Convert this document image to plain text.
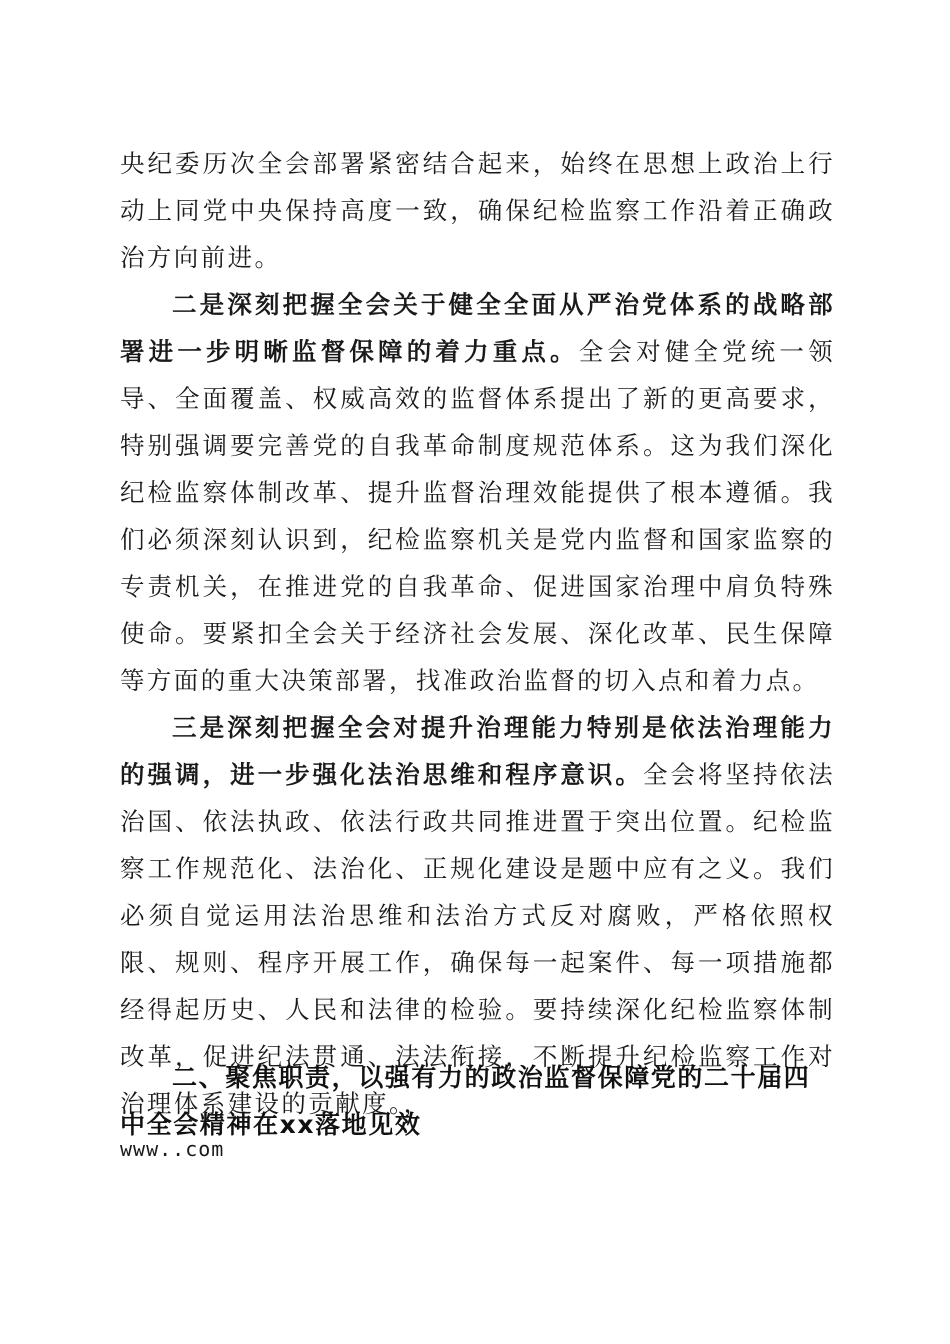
央纪委历次全会部署紧密结合起来，始终在思想上政治上行动上同党中央保持高度一致，确保纪检监察工作沿着正确政治方向前进。

二是深刻把握全会关于健全全面从严治党体系的战略部署进一步明晰监督保障的着力重点。全会对健全党统一领导、全面覆盖、权威高效的监督体系提出了新的更高要求，特别强调要完善党的自我革命制度规范体系。这为我们深化纪检监察体制改革、提升监督治理效能提供了根本遵循。我们必须深刻认识到，纪检监察机关是党内监督和国家监察的专责机关，在推进党的自我革命、促进国家治理中肩负特殊使命。要紧扣全会关于经济社会发展、深化改革、民生保障等方面的重大决策部署，找准政治监督的切入点和着力点。

三是深刻把握全会对提升治理能力特别是依法治理能力的强调，进一步强化法治思维和程序意识。全会将坚持依法治国、依法执政、依法行政共同推进置于突出位置。纪检监察工作规范化、法治化、正规化建设是题中应有之义。我们必须自觉运用法治思维和法治方式反对腐败，严格依照权限、规则、程序开展工作，确保每一起案件、每一项措施都经得起历史、人民和法律的检验。要持续深化纪检监察体制改革，促进纪法贯通、法法衔接，不断提升纪检监察工作对治理体系建设的贡献度。，

www..com

二、聚焦职责，以强有力的政治监督保障党的二十届四中全会精神在xx落地见效
